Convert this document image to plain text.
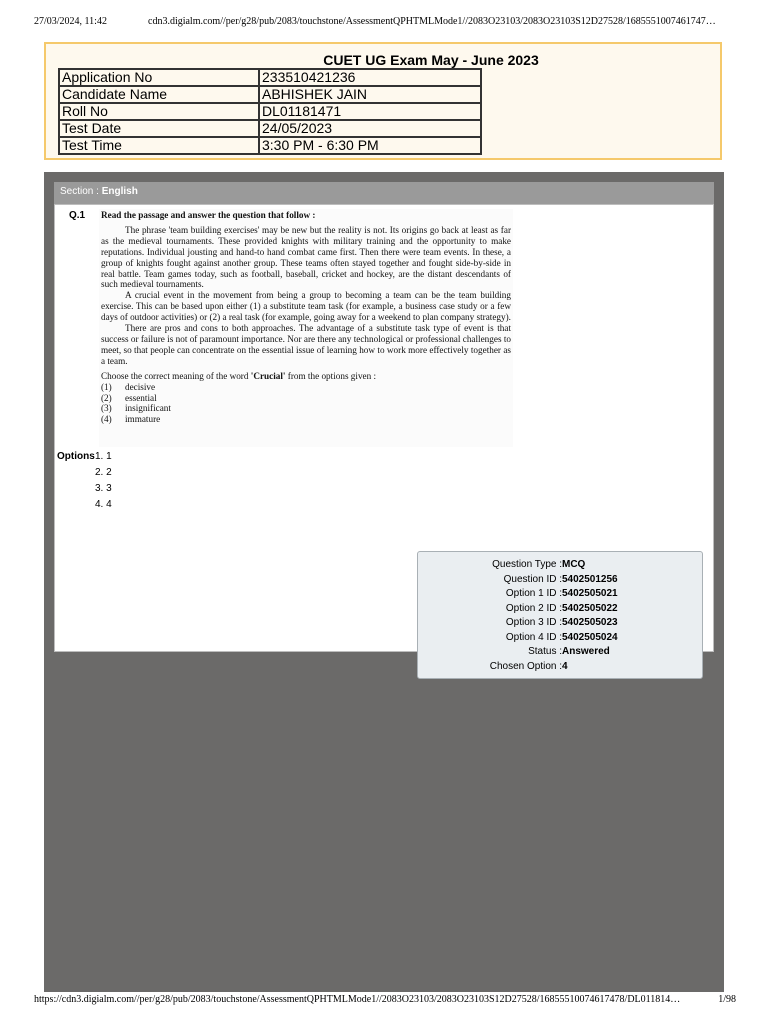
27/03/2024, 11:42	cdn3.digialm.com//per/g28/pub/2083/touchstone/AssessmentQPHTMLMode1//2083O23103/2083O23103S12D27528/1685551007461747…
CUET UG Exam May - June 2023
Application No	233510421236
Candidate Name	ABHISHEK JAIN
Roll No	DL01181471
Test Date	24/05/2023
Test Time	3:30 PM - 6:30 PM
Section : English
Q.1 Read the passage and answer the question that follow :

The phrase 'team building exercises' may be new but the reality is not. Its origins go back at least as far as the medieval tournaments. These provided knights with military training and the opportunity to make reputations. Individual jousting and hand-to hand combat came first. Then there were team events. In these, a group of knights fought against another group. These teams often stayed together and fought side-by-side in real battle. Team games today, such as football, baseball, cricket and hockey, are the distant descendants of such medieval tournaments.

A crucial event in the movement from being a group to becoming a team can be the team building exercise. This can be based upon either (1) a substitute team task (for example, a business case study or a few days of outdoor activities) or (2) a real task (for example, going away for a weekend to plan company strategy).

There are pros and cons to both approaches. The advantage of a substitute task type of event is that success or failure is not of paramount importance. Nor are there any technological or professional challenges to meet, so that people can concentrate on the essential issue of learning how to work more effectively together as a team.

Choose the correct meaning of the word 'Crucial' from the options given :

(1)	decisive
(2)	essential
(3)	insignificant
(4)	immature
Options 1. 1
2. 2
3. 3
4. 4
Question Type : MCQ
Question ID : 5402501256
Option 1 ID : 5402505021
Option 2 ID : 5402505022
Option 3 ID : 5402505023
Option 4 ID : 5402505024
Status : Answered
Chosen Option : 4
https://cdn3.digialm.com//per/g28/pub/2083/touchstone/AssessmentQPHTMLMode1//2083O23103/2083O23103S12D27528/16855510074617478/DL011814…	1/98
